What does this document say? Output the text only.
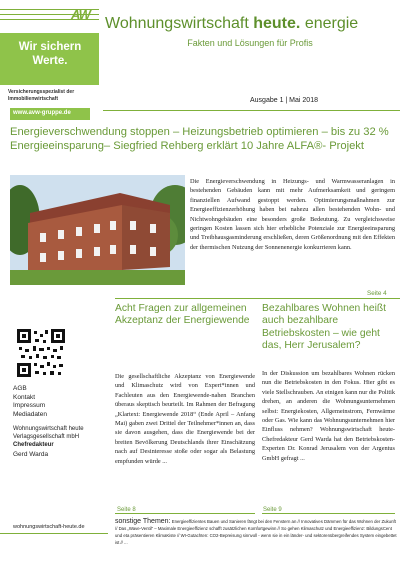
AW
Wir sichern
Werte.
Versicherungsspezialist der Immobilienwirtschaft
www.avw-gruppe.de
Wohnungswirtschaft heute. energie
Fakten und Lösungen für Profis
Ausgabe 1 | Mai 2018
Energieverschwendung stoppen – Heizungsbetrieb optimieren – bis zu 32 % Energieeinsparung– Siegfried Rehberg erklärt 10 Jahre ALFA®- Projekt
Die Energieverschwendung in Heizungs- und Warmwasseranlagen in bestehenden Gebäuden kann mit mehr Aufmerksamkeit und geringem finanziellen Aufwand gestoppt werden. Optimierungsmaßnahmen zur Energieeffizienzerhöhung haben bei nahezu allen bestehenden Wohn- und Nichtwohngebäuden eine besonders große Bedeutung. Zu vergleichsweise geringen Kosten lassen sich hier erhebliche Potenziale zur Energieeinsparung und Treibhausgasminderung erschließen, deren Größenordnung mit den Effekten der thermischen Nutzung der Sonnenenergie konkurrieren kann.
Seite 4
AGB
Kontakt
Impressum
Mediadaten
Wohnungswirtschaft heute
Verlagsgesellschaft mbH
Chefredakteur
Gerd Warda
wohnungswirtschaft-heute.de
Acht Fragen zur allgemeinen Akzeptanz der Energiewende
Die gesellschaftliche Akzeptanz von Energiewende und Klimaschutz wird von Expert*innen und Fachleuten aus den Energiewende-nahen Branchen überaus skeptisch beurteilt. Im Rahmen der Befragung „Klartext: Energiewende 2018“ (Ende April – Anfang Mai) gaben zwei Drittel der Teilnehmer*innen an, dass sie davon ausgehen, dass die Energiewende bei der breiten Bevölkerung Deutschlands ihrer Einschätzung nach auf Desinteresse stoße oder sogar als Belastung empfunden würde ...
Seite 8
Bezahlbares Wohnen heißt auch bezahlbare Betriebskosten – wie geht das, Herr Jerusalem?
In der Diskussion um bezahlbares Wohnen rücken nun die Betriebskosten in den Fokus. Hier gibt es viele Stellschrauben. An einigen kann nur die Politik drehen, an anderen die Wohnungsunternehmen selbst: Energiekosten, Allgemeinstrom, Fernwärme oder Gas. Wie kann das Wohnungsunternehmen hier Einfluss nehmen? Wohnungswirtschaft heute-Chefredakteur Gerd Warda hat den Betriebskosten-Experten Dr. Konrad Jerusalem von der Argentus GmbH gefragt ...
Seite 9
sonstige Themen: Energieeffizientes Bauen und Sanieren fängt bei den Fenstern an // Innovatives Dämmen für das Wohnen der Zukunft // Das „Wave-Ventil“ – Maximale Energieeffizienz schafft zusätzlichen Komfortgewinn // So gehen Klimaschutz und Energieeffizienz: BildungsCent und eta präsentieren KlimaKiste // WI-Gutachten: CO2-Bepreisung sinnvoll - wenn sie in ein länder- und sektorenübergreifendes System eingebettet ist // ...
